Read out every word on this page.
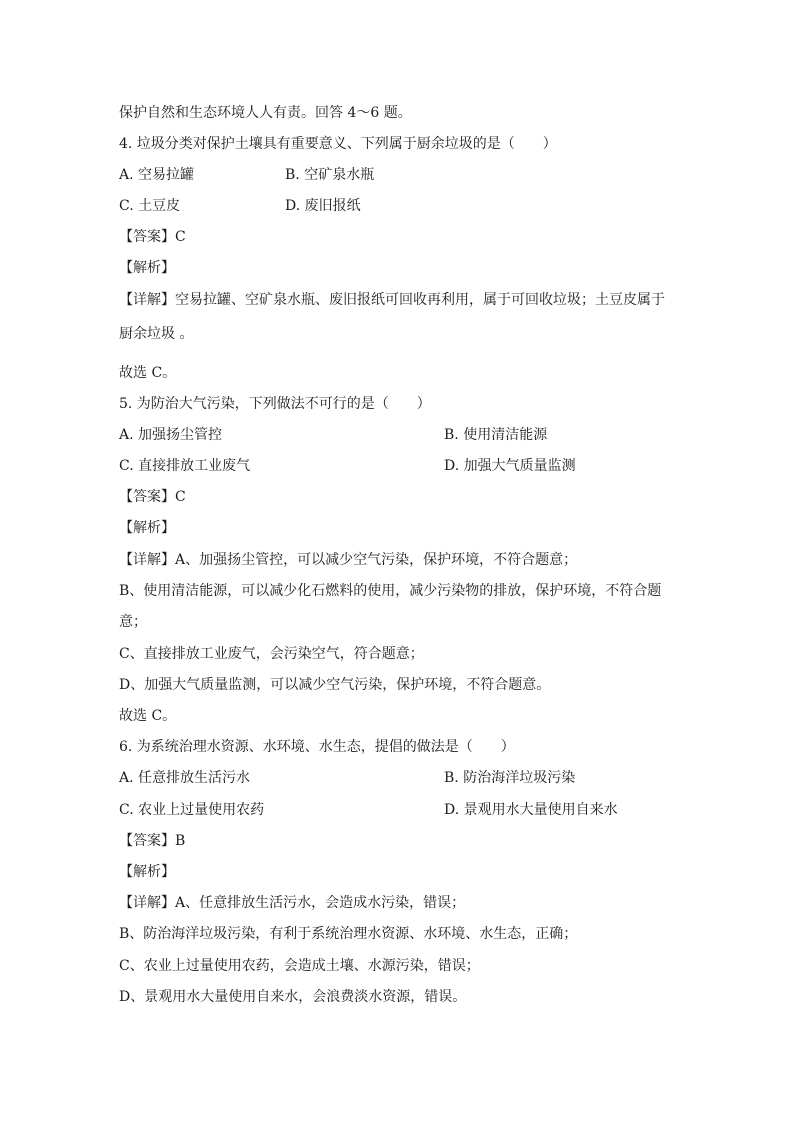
保护自然和生态环境人人有责。回答 4～6 题。
4. 垃圾分类对保护土壤具有重要意义、下列属于厨余垃圾的是（　　）
A. 空易拉罐	B. 空矿泉水瓶
C. 土豆皮	D. 废旧报纸
【答案】C
【解析】
【详解】空易拉罐、空矿泉水瓶、废旧报纸可回收再利用，属于可回收垃圾；土豆皮属于
厨余垃圾 。
故选 C。
5. 为防治大气污染，下列做法不可行的是（　　）
A. 加强扬尘管控	B. 使用清洁能源
C. 直接排放工业废气	D. 加强大气质量监测
【答案】C
【解析】
【详解】A、加强扬尘管控，可以减少空气污染，保护环境，不符合题意；
B、使用清洁能源，可以减少化石燃料的使用，减少污染物的排放，保护环境，不符合题
意；
C、直接排放工业废气，会污染空气，符合题意；
D、加强大气质量监测，可以减少空气污染，保护环境，不符合题意。
故选 C。
6. 为系统治理水资源、水环境、水生态，提倡的做法是（　　）
A. 任意排放生活污水	B. 防治海洋垃圾污染
C. 农业上过量使用农药	D. 景观用水大量使用自来水
【答案】B
【解析】
【详解】A、任意排放生活污水，会造成水污染，错误；
B、防治海洋垃圾污染，有利于系统治理水资源、水环境、水生态，正确；
C、农业上过量使用农药，会造成土壤、水源污染，错误；
D、景观用水大量使用自来水，会浪费淡水资源，错误。
